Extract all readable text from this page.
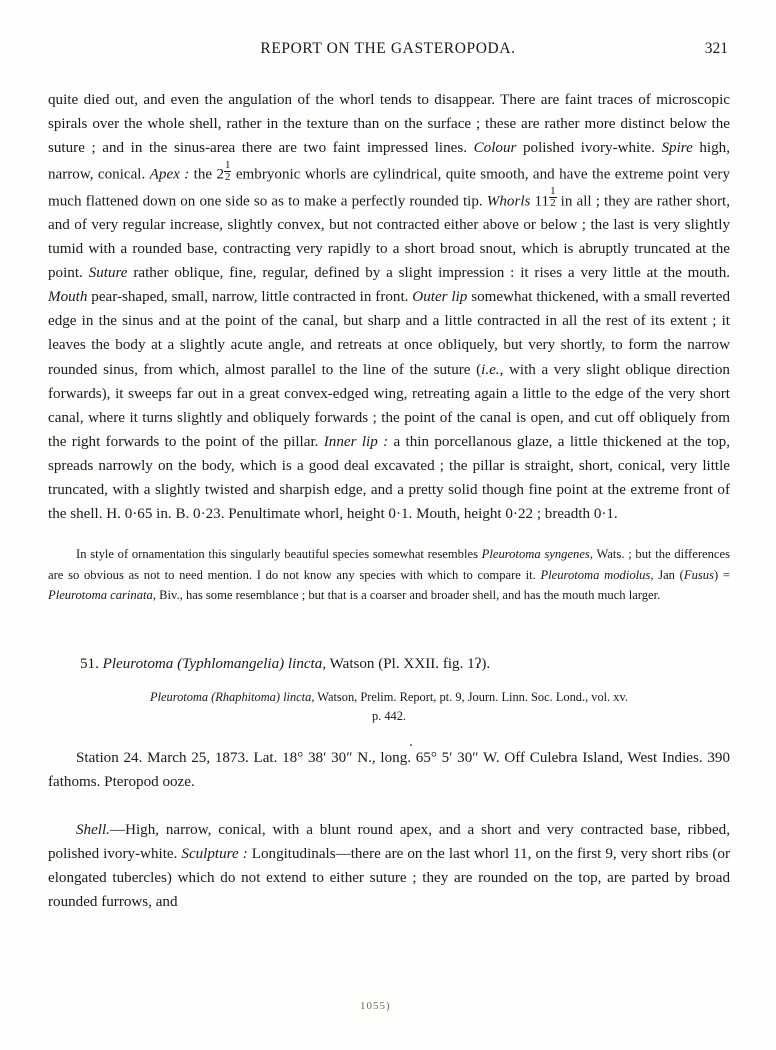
REPORT ON THE GASTEROPODA.	321

quite died out, and even the angulation of the whorl tends to disappear. There are faint traces of microscopic spirals over the whole shell, rather in the texture than on the surface ; these are rather more distinct below the suture ; and in the sinus-area there are two faint impressed lines. Colour polished ivory-white. Spire high, narrow, conical. Apex : the $2 \frac{1}{2}$ embryonic whorls are cylindrical, quite smooth, and have the extreme point very much flattened down on one side so as to make a perfectly rounded tip. Whorls $11 \frac{1}{2}$ in all ; they are rather short, and of very regular increase, slightly convex, but not contracted either above or below ; the last is very slightly tumid with a rounded base, contracting very rapidly to a short broad snout, which is abruptly truncated at the point. Suture rather oblique, fine, regular, defined by a slight impression : it rises a very little at the mouth. Mouth pear-shaped, small, narrow, little contracted in front. Outer lip somewhat thickened, with a small reverted edge in the sinus and at the point of the canal, but sharp and a little contracted in all the rest of its extent ; it leaves the body at a slightly acute angle, and retreats at once obliquely, but very shortly, to form the narrow rounded sinus, from which, almost parallel to the line of the suture (i.e., with a very slight oblique direction forwards), it sweeps far out in a great convex-edged wing, retreating again a little to the edge of the very short canal, where it turns slightly and obliquely forwards ; the point of the canal is open, and cut off obliquely from the right forwards to the point of the pillar. Inner lip : a thin porcellanous glaze, a little thickened at the top, spreads narrowly on the body, which is a good deal excavated ; the pillar is straight, short, conical, very little truncated, with a slightly twisted and sharpish edge, and a pretty solid though fine point at the extreme front of the shell. H. 0·65 in. B. 0·23. Penultimate whorl, height 0·1. Mouth, height 0·22 ; breadth 0·1.

In style of ornamentation this singularly beautiful species somewhat resembles Pleurotoma syngenes, Wats. ; but the differences are so obvious as not to need mention. I do not know any species with which to compare it. Pleurotoma modiolus, Jan (Fusus) = Pleurotoma carinata, Biv., has some resemblance ; but that is a coarser and broader shell, and has the mouth much larger.

51. Pleurotoma (Typhlomangelia) lincta, Watson (Pl. XXII. fig. 1ʔ).

Pleurotoma (Rhaphitoma) lincta, Watson, Prelim. Report, pt. 9, Journ. Linn. Soc. Lond., vol. xv.

p. 442.

Station 24. March 25, 1873. Lat. 18° 38′ 30″ N., long. 65° 5′ 30″ W. Off Culebra Island, West Indies. 390 fathoms. Pteropod ooze.

Shell.—High, narrow, conical, with a blunt round apex, and a short and very contracted base, ribbed, polished ivory-white. Sculpture : Longitudinals—there are on the last whorl 11, on the first 9, very short ribs (or elongated tubercles) which do not extend to either suture ; they are rounded on the top, are parted by broad rounded furrows, and

1055)
